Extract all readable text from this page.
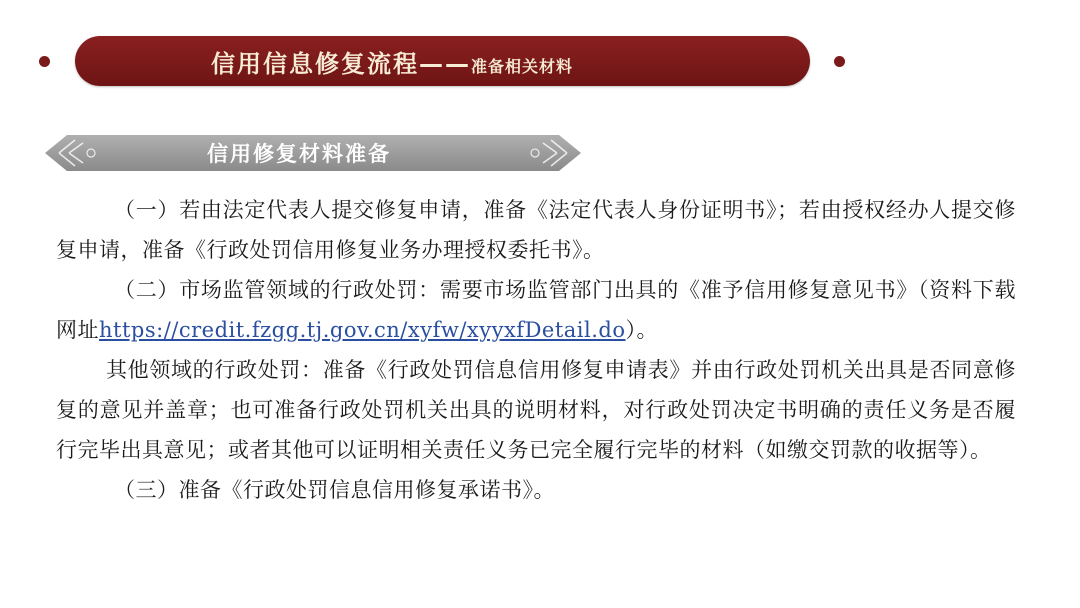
信用信息修复流程——准备相关材料
信用修复材料准备

（一）若由法定代表人提交修复申请，准备《法定代表人身份证明书》；若由授权经办人提交修复申请，准备《行政处罚信用修复业务办理授权委托书》。

（二）市场监管领域的行政处罚：需要市场监管部门出具的《准予信用修复意见书》（资料下载网址https://credit.fzgg.tj.gov.cn/xyfw/xyyxfDetail.do）。

其他领域的行政处罚：准备《行政处罚信息信用修复申请表》并由行政处罚机关出具是否同意修复的意见并盖章；也可准备行政处罚机关出具的说明材料，对行政处罚决定书明确的责任义务是否履行完毕出具意见；或者其他可以证明相关责任义务已完全履行完毕的材料（如缴交罚款的收据等）。

（三）准备《行政处罚信息信用修复承诺书》。
